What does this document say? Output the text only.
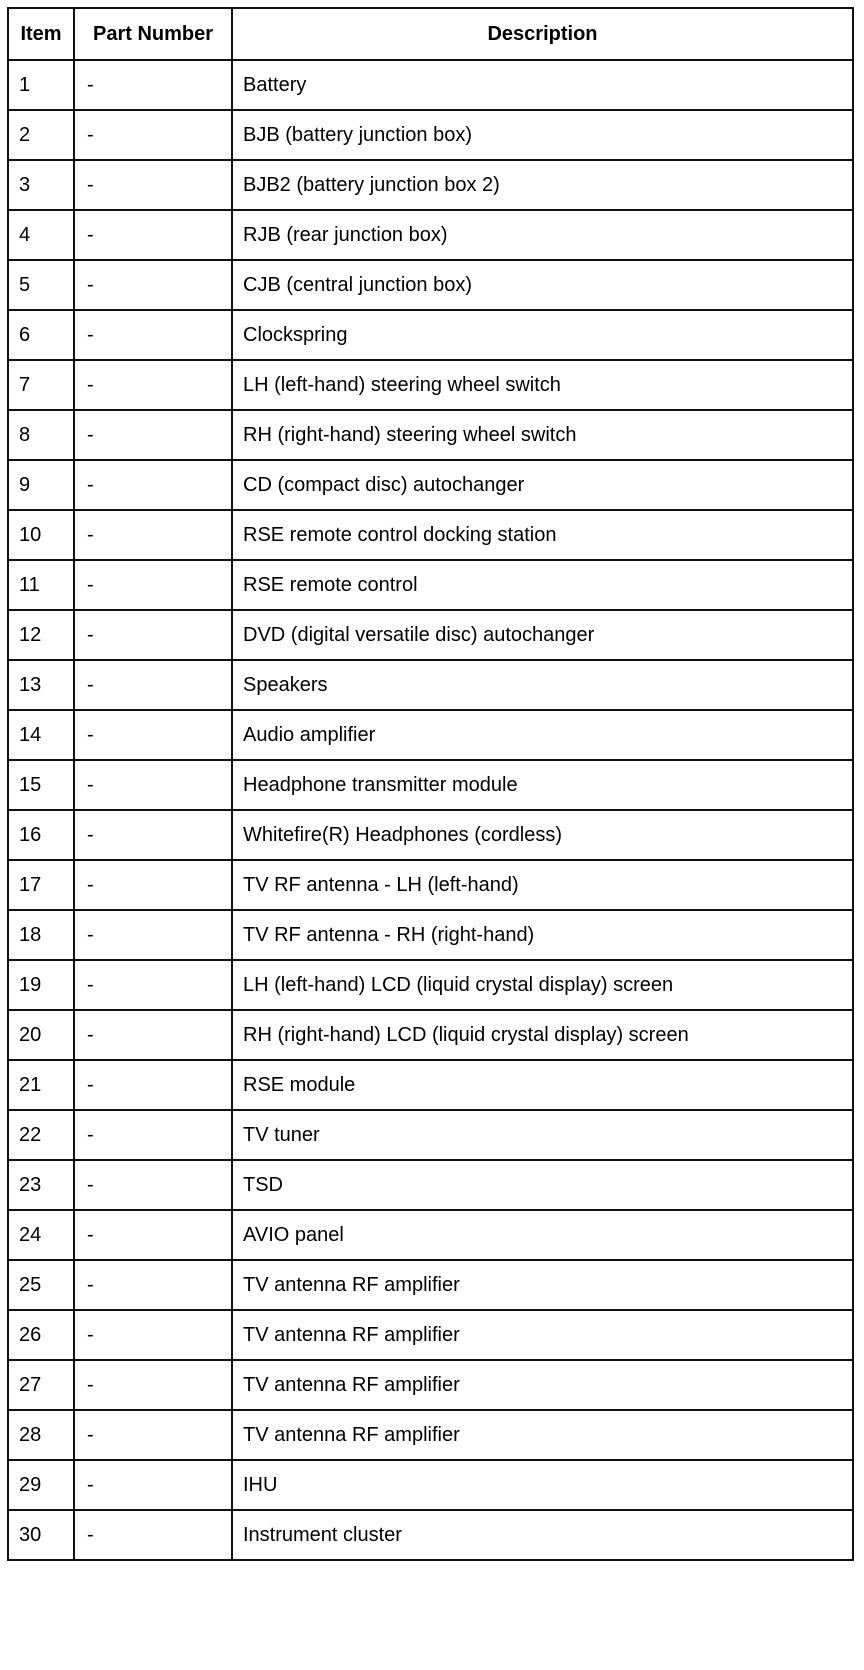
Item	Part Number	Description
1	-	Battery
2	-	BJB (battery junction box)
3	-	BJB2 (battery junction box 2)
4	-	RJB (rear junction box)
5	-	CJB (central junction box)
6	-	Clockspring
7	-	LH (left-hand) steering wheel switch
8	-	RH (right-hand) steering wheel switch
9	-	CD (compact disc) autochanger
10	-	RSE remote control docking station
11	-	RSE remote control
12	-	DVD (digital versatile disc) autochanger
13	-	Speakers
14	-	Audio amplifier
15	-	Headphone transmitter module
16	-	Whitefire(R) Headphones (cordless)
17	-	TV RF antenna - LH (left-hand)
18	-	TV RF antenna - RH (right-hand)
19	-	LH (left-hand) LCD (liquid crystal display) screen
20	-	RH (right-hand) LCD (liquid crystal display) screen
21	-	RSE module
22	-	TV tuner
23	-	TSD
24	-	AVIO panel
25	-	TV antenna RF amplifier
26	-	TV antenna RF amplifier
27	-	TV antenna RF amplifier
28	-	TV antenna RF amplifier
29	-	IHU
30	-	Instrument cluster
